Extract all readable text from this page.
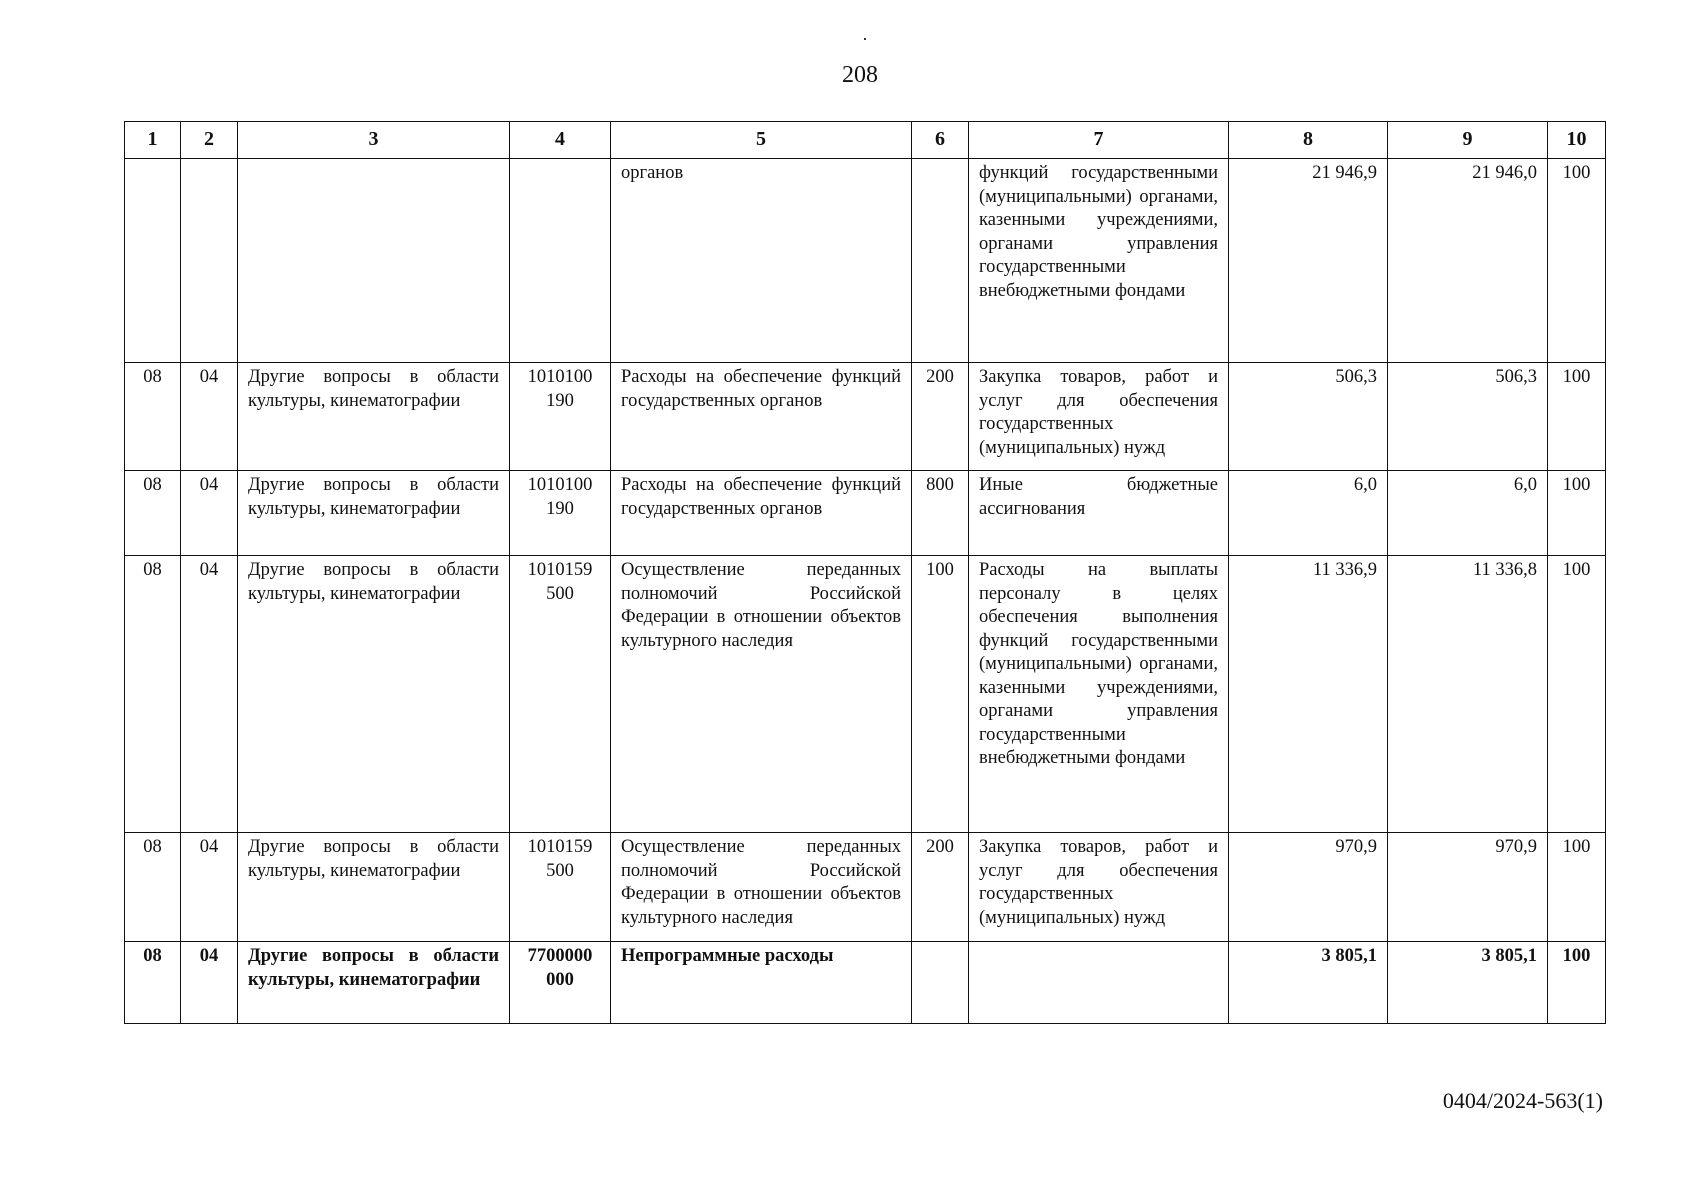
208
1	2	3	4	5	6	7	8	9	10
				органов		функций государственными (муниципальными) органами, казенными учреждениями, органами управления государственными внебюджетными фондами	21 946,9	21 946,0	100
08	04	Другие вопросы в области культуры, кинематографии	1010100 190	Расходы на обеспечение функций государственных органов	200	Закупка товаров, работ и услуг для обеспечения государственных (муниципальных) нужд	506,3	506,3	100
08	04	Другие вопросы в области культуры, кинематографии	1010100 190	Расходы на обеспечение функций государственных органов	800	Иные бюджетные ассигнования	6,0	6,0	100
08	04	Другие вопросы в области культуры, кинематографии	1010159 500	Осуществление переданных полномочий Российской Федерации в отношении объектов культурного наследия	100	Расходы на выплаты персоналу в целях обеспечения выполнения функций государственными (муниципальными) органами, казенными учреждениями, органами управления государственными внебюджетными фондами	11 336,9	11 336,8	100
08	04	Другие вопросы в области культуры, кинематографии	1010159 500	Осуществление переданных полномочий Российской Федерации в отношении объектов культурного наследия	200	Закупка товаров, работ и услуг для обеспечения государственных (муниципальных) нужд	970,9	970,9	100
08	04	Другие вопросы в области культуры, кинематографии	7700000 000	Непрограммные расходы			3 805,1	3 805,1	100
0404/2024-563(1)
